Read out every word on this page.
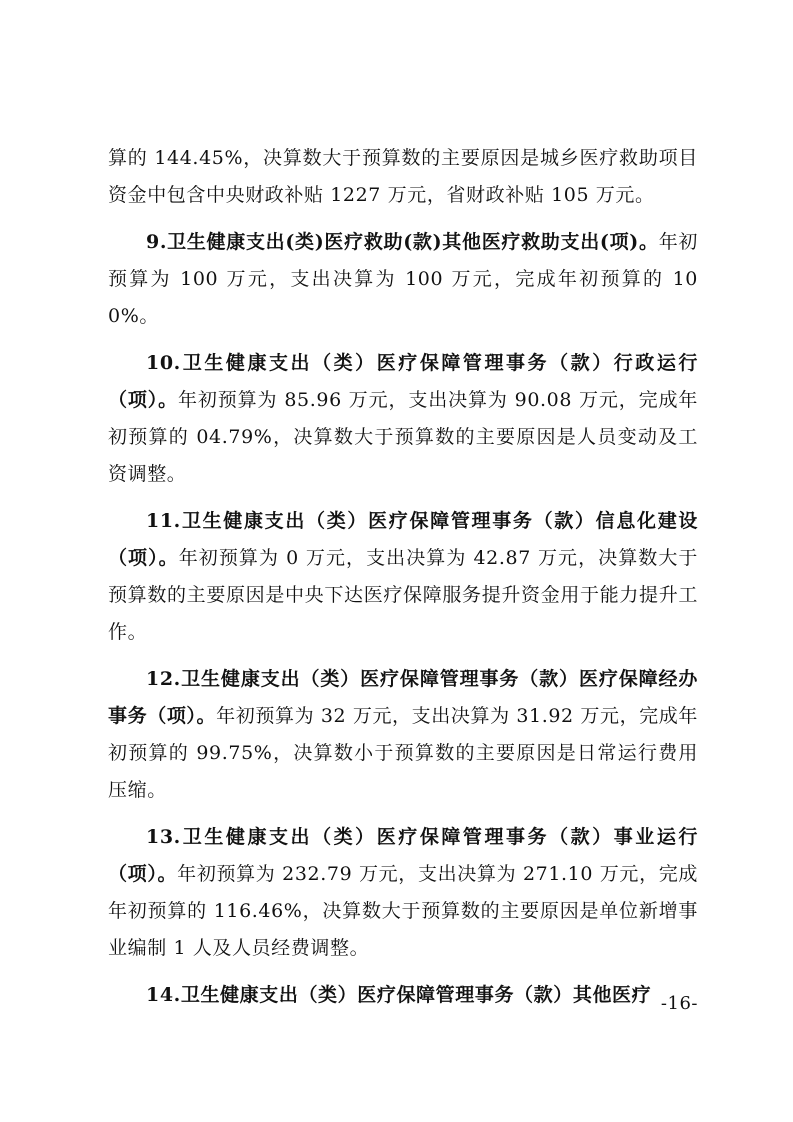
算的 144.45%，决算数大于预算数的主要原因是城乡医疗救助项目资金中包含中央财政补贴 1227 万元，省财政补贴 105 万元。

9.卫生健康支出(类)医疗救助(款)其他医疗救助支出(项)。年初预算为 100 万元，支出决算为 100 万元，完成年初预算的 100%。

10.卫生健康支出（类）医疗保障管理事务（款）行政运行（项）。年初预算为 85.96 万元，支出决算为 90.08 万元，完成年初预算的 04.79%，决算数大于预算数的主要原因是人员变动及工资调整。

11.卫生健康支出（类）医疗保障管理事务（款）信息化建设（项）。年初预算为 0 万元，支出决算为 42.87 万元，决算数大于预算数的主要原因是中央下达医疗保障服务提升资金用于能力提升工作。

12.卫生健康支出（类）医疗保障管理事务（款）医疗保障经办事务（项）。年初预算为 32 万元，支出决算为 31.92 万元，完成年初预算的 99.75%，决算数小于预算数的主要原因是日常运行费用压缩。

13.卫生健康支出（类）医疗保障管理事务（款）事业运行（项）。年初预算为 232.79 万元，支出决算为 271.10 万元，完成年初预算的 116.46%，决算数大于预算数的主要原因是单位新增事业编制 1 人及人员经费调整。

14.卫生健康支出（类）医疗保障管理事务（款）其他医疗 -16-
